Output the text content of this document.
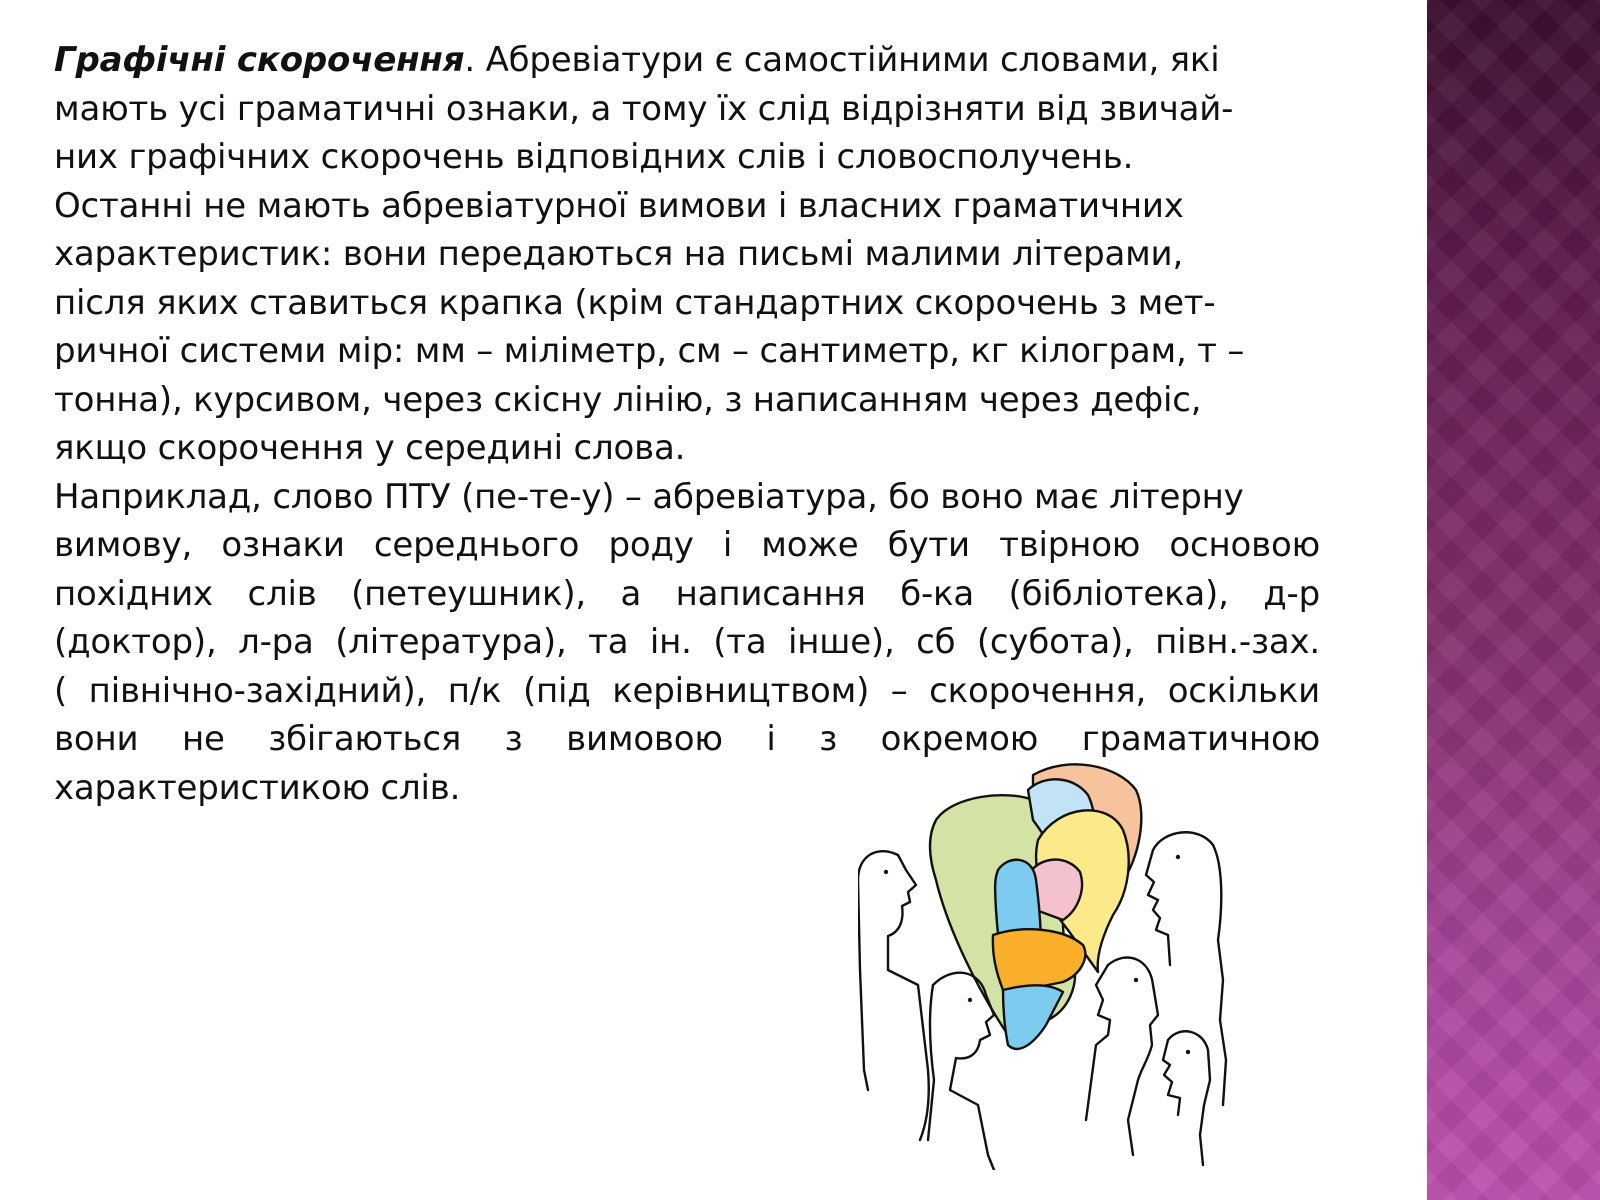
Графічні скорочення. Абревіатури є самостійними словами, які
мають усі граматичні ознаки, а тому їх слід відрізняти від звичай-
них графічних скорочень відповідних слів і словосполучень.
Останні не мають абревіатурної вимови і власних граматичних
характеристик: вони передаються на письмі малими літерами,
після яких ставиться крапка (крім стандартних скорочень з мет-
ричної системи мір: мм – міліметр, см – сантиметр, кг кілограм, т –
тонна), курсивом, через скісну лінію, з написанням через дефіс,
якщо скорочення у середині слова.
Наприклад, слово ПТУ (пе-те-у) – абревіатура, бо воно має літерну
вимову, ознаки середнього роду і може бути твірною основою
похідних слів (петеушник), а написання б-ка (бібліотека), д-р
(доктор), л-ра (література), та ін. (та інше), сб (субота), півн.-зах.
( північно-західний), п/к (під керівництвом) – скорочення, оскільки
вони не збігаються з вимовою і з окремою граматичною
характеристикою слів.
